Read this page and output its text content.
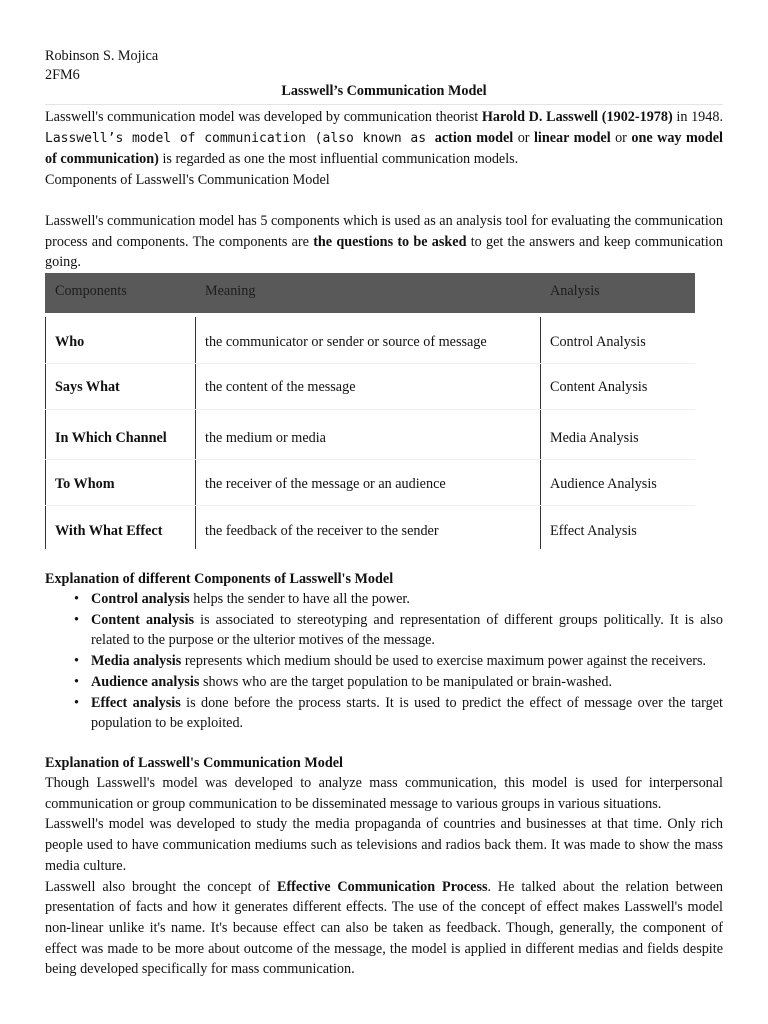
Robinson S. Mojica
2FM6
Lasswell’s Communication Model

Lasswell's communication model was developed by communication theorist Harold D. Lasswell (1902-1978) in 1948. Lasswell’s model of communication (also known as action model or linear model or one way model of communication) is regarded as one the most influential communication models.

Components of Lasswell's Communication Model

Lasswell's communication model has 5 components which is used as an analysis tool for evaluating the communication process and components. The components are the questions to be asked to get the answers and keep communication going.

Components	Meaning	Analysis
Who	the communicator or sender or source of message	Control Analysis
Says What	the content of the message	Content Analysis
In Which Channel	the medium or media	Media Analysis
To Whom	the receiver of the message or an audience	Audience Analysis
With What Effect	the feedback of the receiver to the sender	Effect Analysis
Explanation of different Components of Lasswell's Model
• Control analysis helps the sender to have all the power.
• Content analysis is associated to stereotyping and representation of different groups politically. It is also related to the purpose or the ulterior motives of the message.
• Media analysis represents which medium should be used to exercise maximum power against the receivers.
• Audience analysis shows who are the target population to be manipulated or brain-washed.
• Effect analysis is done before the process starts. It is used to predict the effect of message over the target population to be exploited.
Explanation of Lasswell's Communication Model

Though Lasswell's model was developed to analyze mass communication, this model is used for interpersonal communication or group communication to be disseminated message to various groups in various situations.

Lasswell's model was developed to study the media propaganda of countries and businesses at that time. Only rich people used to have communication mediums such as televisions and radios back them. It was made to show the mass media culture.

Lasswell also brought the concept of Effective Communication Process. He talked about the relation between presentation of facts and how it generates different effects. The use of the concept of effect makes Lasswell's model non-linear unlike it's name. It's because effect can also be taken as feedback. Though, generally, the component of effect was made to be more about outcome of the message, the model is applied in different medias and fields despite being developed specifically for mass communication.
